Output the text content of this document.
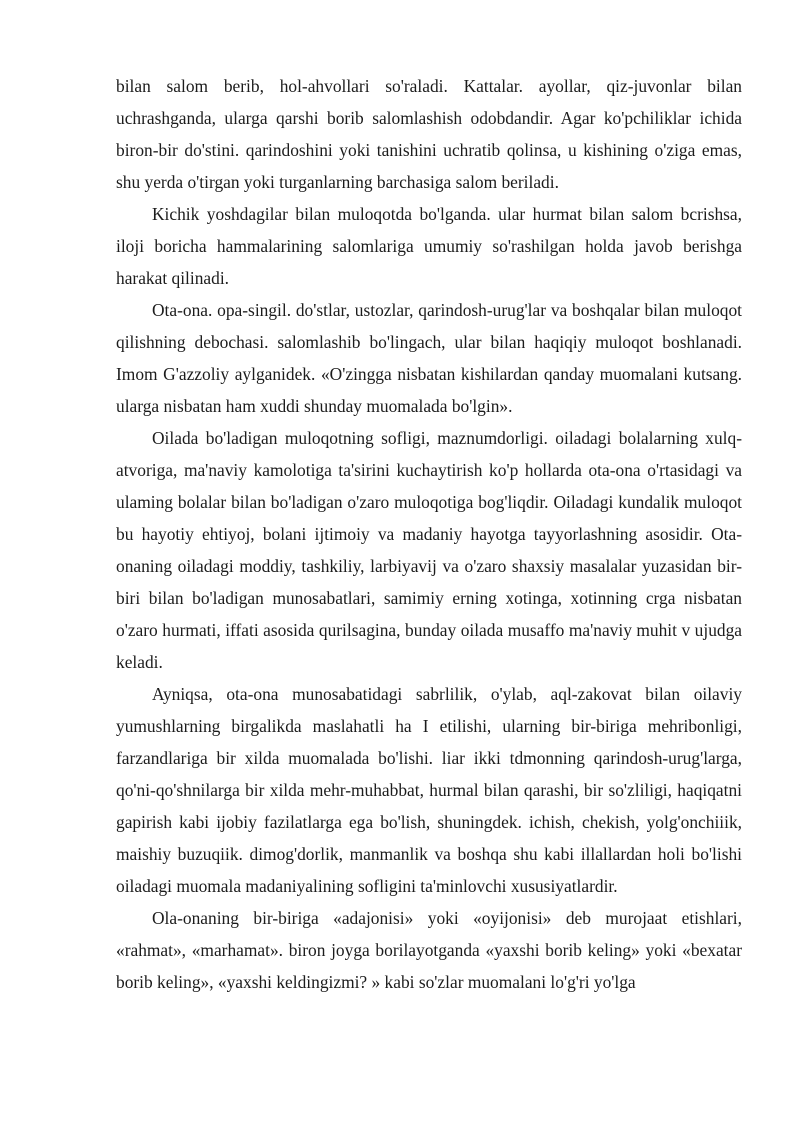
bilan salom berib, hol-ahvollari so'raladi. Kattalar. ayollar, qiz-juvonlar bilan uchrashganda, ularga qarshi borib salomlashish odobdandir. Agar ko'pchiliklar ichida biron-bir do'stini. qarindoshini yoki tanishini uchratib qolinsa, u kishining o'ziga emas, shu yerda o'tirgan yoki turganlarning barchasiga salom beriladi.

Kichik yoshdagilar bilan muloqotda bo'lganda. ular hurmat bilan salom bcrishsa, iloji boricha hammalarining salomlariga umumiy so'rashilgan holda javob berishga harakat qilinadi.

Ota-ona. opa-singil. do'stlar, ustozlar, qarindosh-urug'lar va boshqalar bilan muloqot qilishning debochasi. salomlashib bo'lingach, ular bilan haqiqiy muloqot boshlanadi. Imom G'azzoliy aylganidek. «O'zingga nisbatan kishilardan qanday muomalani kutsang. ularga nisbatan ham xuddi shunday muomalada bo'lgin».

Oilada bo'ladigan muloqotning sofligi, maznumdorligi. oiladagi bolalarning xulq-atvoriga, ma'naviy kamolotiga ta'sirini kuchaytirish ko'p hollarda ota-ona o'rtasidagi va ulaming bolalar bilan bo'ladigan o'zaro muloqotiga bog'liqdir. Oiladagi kundalik muloqot bu hayotiy ehtiyoj, bolani ijtimoiy va madaniy hayotga tayyorlashning asosidir. Ota-onaning oiladagi moddiy, tashkiliy, larbiyavij va o'zaro shaxsiy masalalar yuzasidan bir-biri bilan bo'ladigan munosabatlari, samimiy erning xotinga, xotinning crga nisbatan o'zaro hurmati, iffati asosida qurilsagina, bunday oilada musaffo ma'naviy muhit v ujudga keladi.

Ayniqsa, ota-ona munosabatidagi sabrlilik, o'ylab, aql-zakovat bilan oilaviy yumushlarning birgalikda maslahatli ha I etilishi, ularning bir-biriga mehribonligi, farzandlariga bir xilda muomalada bo'lishi. liar ikki tdmonning qarindosh-urug'larga, qo'ni-qo'shnilarga bir xilda mehr-muhabbat, hurmal bilan qarashi, bir so'zliligi, haqiqatni gapirish kabi ijobiy fazilatlarga ega bo'lish, shuningdek. ichish, chekish, yolg'onchiiik, maishiy buzuqiik. dimog'dorlik, manmanlik va boshqa shu kabi illallardan holi bo'lishi oiladagi muomala madaniyalining sofligini ta'minlovchi xususiyatlardir.

Ola-onaning bir-biriga «adajonisi» yoki «oyijonisi» deb murojaat etishlari, «rahmat», «marhamat». biron joyga borilayotganda «yaxshi borib keling» yoki «bexatar borib keling», «yaxshi keldingizmi? » kabi so'zlar muomalani lo'g'ri yo'lga
